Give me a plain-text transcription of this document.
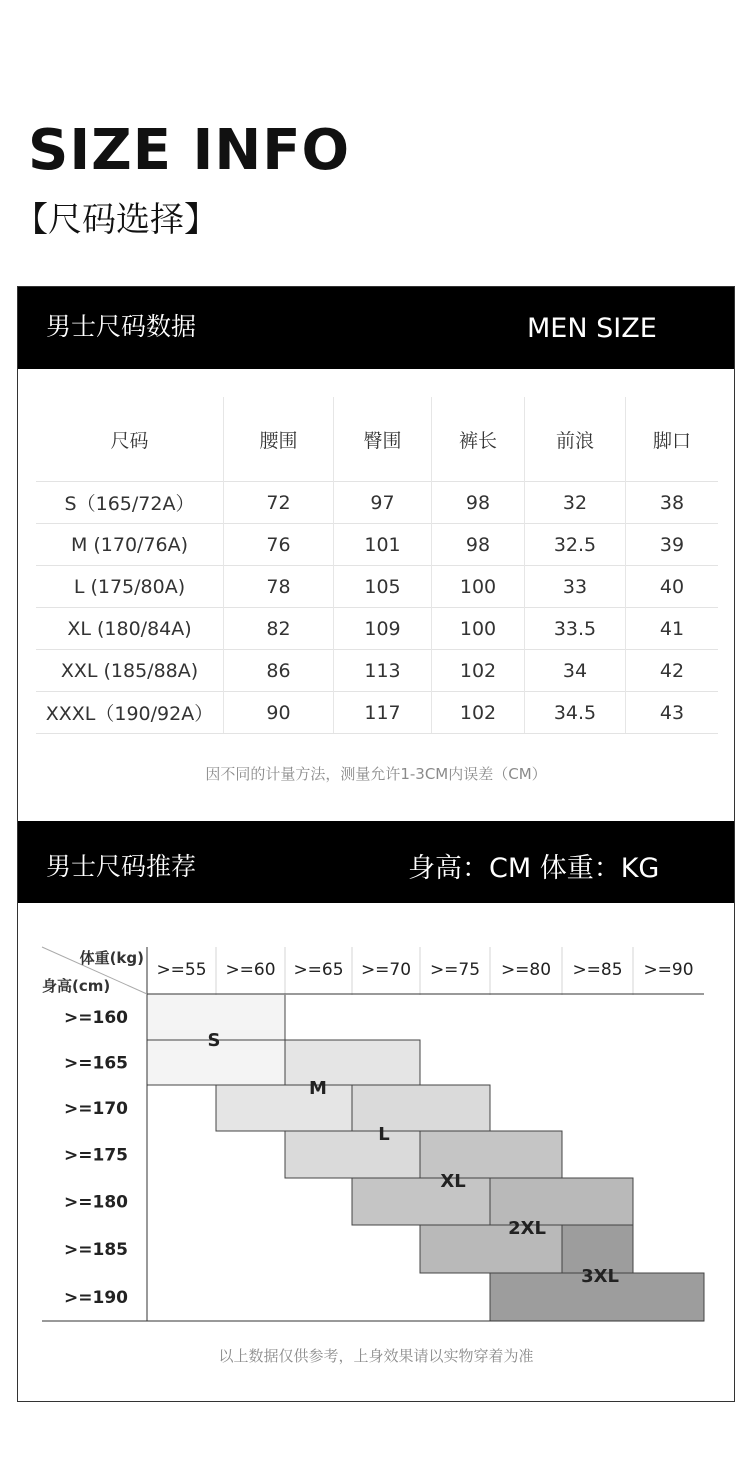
SIZE INFO
【尺码选择】
男士尺码数据	MEN SIZE
尺码	腰围	臀围	裤长	前浪	脚口
S（165/72A）	72	97	98	32	38
M (170/76A)	76	101	98	32.5	39
L (175/80A)	78	105	100	33	40
XL (180/84A)	82	109	100	33.5	41
XXL (185/88A)	86	113	102	34	42
XXXL（190/92A）	90	117	102	34.5	43
因不同的计量方法，测量允许1-3CM内误差（CM）
男士尺码推荐	身高：CM 体重：KG
S
M
L
XL
2XL
3XL
体重(kg)
身高(cm)
>=55 >=60 >=65 >=70 >=75 >=80 >=85 >=90
>=160
>=165
>=170
>=175
>=180
>=185
>=190
以上数据仅供参考，上身效果请以实物穿着为准
